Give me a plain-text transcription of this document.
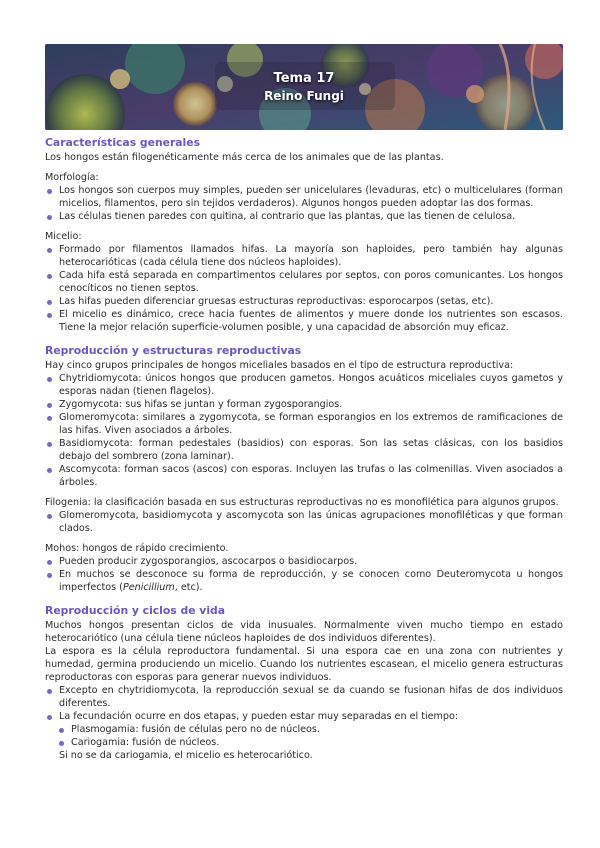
Tema 17
Reino Fungi
Características generales

Los hongos están filogenéticamente más cerca de los animales que de las plantas.

Morfología:

Los hongos son cuerpos muy simples, pueden ser unicelulares (levaduras, etc) o multicelulares (forman micelios, filamentos, pero sin tejidos verdaderos). Algunos hongos pueden adoptar las dos formas.
Las células tienen paredes con quitina, al contrario que las plantas, que las tienen de celulosa.

Micelio:

Formado por filamentos llamados hifas. La mayoría son haploides, pero también hay algunas heterocarióticas (cada célula tiene dos núcleos haploides).
Cada hifa está separada en compartimentos celulares por septos, con poros comunicantes. Los hongos cenocíticos no tienen septos.
Las hifas pueden diferenciar gruesas estructuras reproductivas: esporocarpos (setas, etc).
El micelio es dinámico, crece hacia fuentes de alimentos y muere donde los nutrientes son escasos. Tiene la mejor relación superficie-volumen posible, y una capacidad de absorción muy eficaz.
Reproducción y estructuras reproductivas

Hay cinco grupos principales de hongos miceliales basados en el tipo de estructura reproductiva:

Chytridiomycota: únicos hongos que producen gametos. Hongos acuáticos miceliales cuyos gametos y esporas nadan (tienen flagelos).
Zygomycota: sus hifas se juntan y forman zygosporangios.
Glomeromycota: similares a zygomycota, se forman esporangios en los extremos de ramificaciones de las hifas. Viven asociados a árboles.
Basidiomycota: forman pedestales (basidios) con esporas. Son las setas clásicas, con los basidios debajo del sombrero (zona laminar).
Ascomycota: forman sacos (ascos) con esporas. Incluyen las trufas o las colmenillas. Viven asociados a árboles.

Filogenia: la clasificación basada en sus estructuras reproductivas no es monofilética para algunos grupos.

Glomeromycota, basidiomycota y ascomycota son las únicas agrupaciones monofiléticas y que forman clados.

Mohos: hongos de rápido crecimiento.

Pueden producir zygosporangios, ascocarpos o basidiocarpos.
En muchos se desconoce su forma de reproducción, y se conocen como Deuteromycota u hongos imperfectos (Penicillium, etc).
Reproducción y ciclos de vida

Muchos hongos presentan ciclos de vida inusuales. Normalmente viven mucho tiempo en estado heterocariótico (una célula tiene núcleos haploides de dos individuos diferentes).

La espora es la célula reproductora fundamental. Si una espora cae en una zona con nutrientes y humedad, germina produciendo un micelio. Cuando los nutrientes escasean, el micelio genera estructuras reproductoras con esporas para generar nuevos individuos.

Excepto en chytridiomycota, la reproducción sexual se da cuando se fusionan hifas de dos individuos diferentes.
La fecundación ocurre en dos etapas, y pueden estar muy separadas en el tiempo:
Plasmogamia: fusión de células pero no de núcleos.
Cariogamia: fusión de núcleos.

Si no se da cariogamia, el micelio es heterocariótico.
